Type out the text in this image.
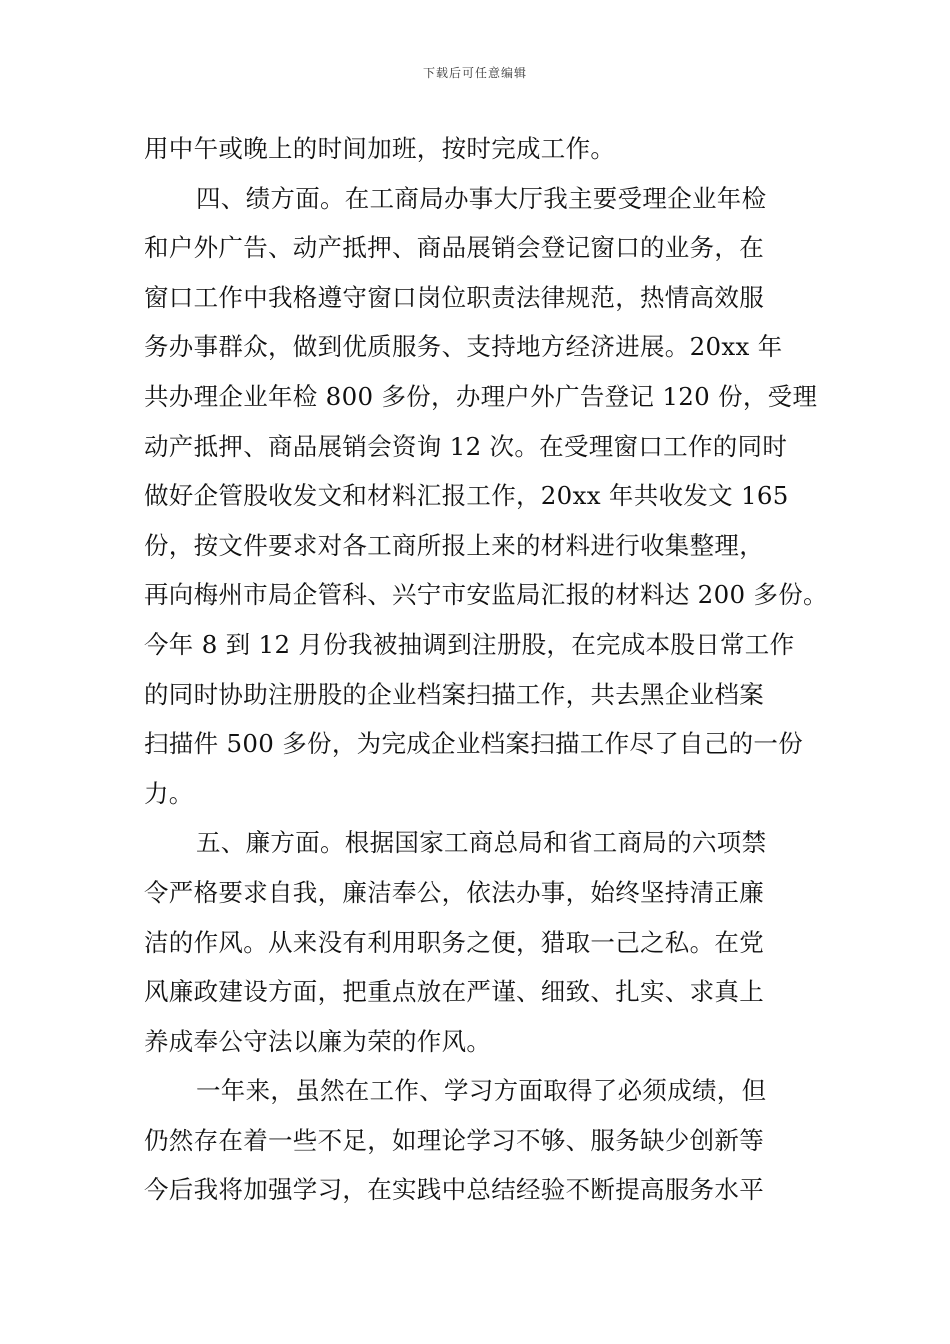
下载后可任意编辑
用中午或晚上的时间加班，按时完成工作。
四、绩方面。在工商局办事大厅我主要受理企业年检
和户外广告、动产抵押、商品展销会登记窗口的业务，在
窗口工作中我格遵守窗口岗位职责法律规范，热情高效服
务办事群众，做到优质服务、支持地方经济进展。20xx 年
共办理企业年检 800 多份，办理户外广告登记 120 份，受理
动产抵押、商品展销会资询 12 次。在受理窗口工作的同时
做好企管股收发文和材料汇报工作，20xx 年共收发文 165
份，按文件要求对各工商所报上来的材料进行收集整理，
再向梅州市局企管科、兴宁市安监局汇报的材料达 200 多份。
今年 8 到 12 月份我被抽调到注册股，在完成本股日常工作
的同时协助注册股的企业档案扫描工作，共去黑企业档案
扫描件 500 多份，为完成企业档案扫描工作尽了自己的一份
力。
五、廉方面。根据国家工商总局和省工商局的六项禁
令严格要求自我，廉洁奉公，依法办事，始终坚持清正廉
洁的作风。从来没有利用职务之便，猎取一己之私。在党
风廉政建设方面，把重点放在严谨、细致、扎实、求真上
养成奉公守法以廉为荣的作风。
一年来，虽然在工作、学习方面取得了必须成绩，但
仍然存在着一些不足，如理论学习不够、服务缺少创新等
今后我将加强学习，在实践中总结经验不断提高服务水平
